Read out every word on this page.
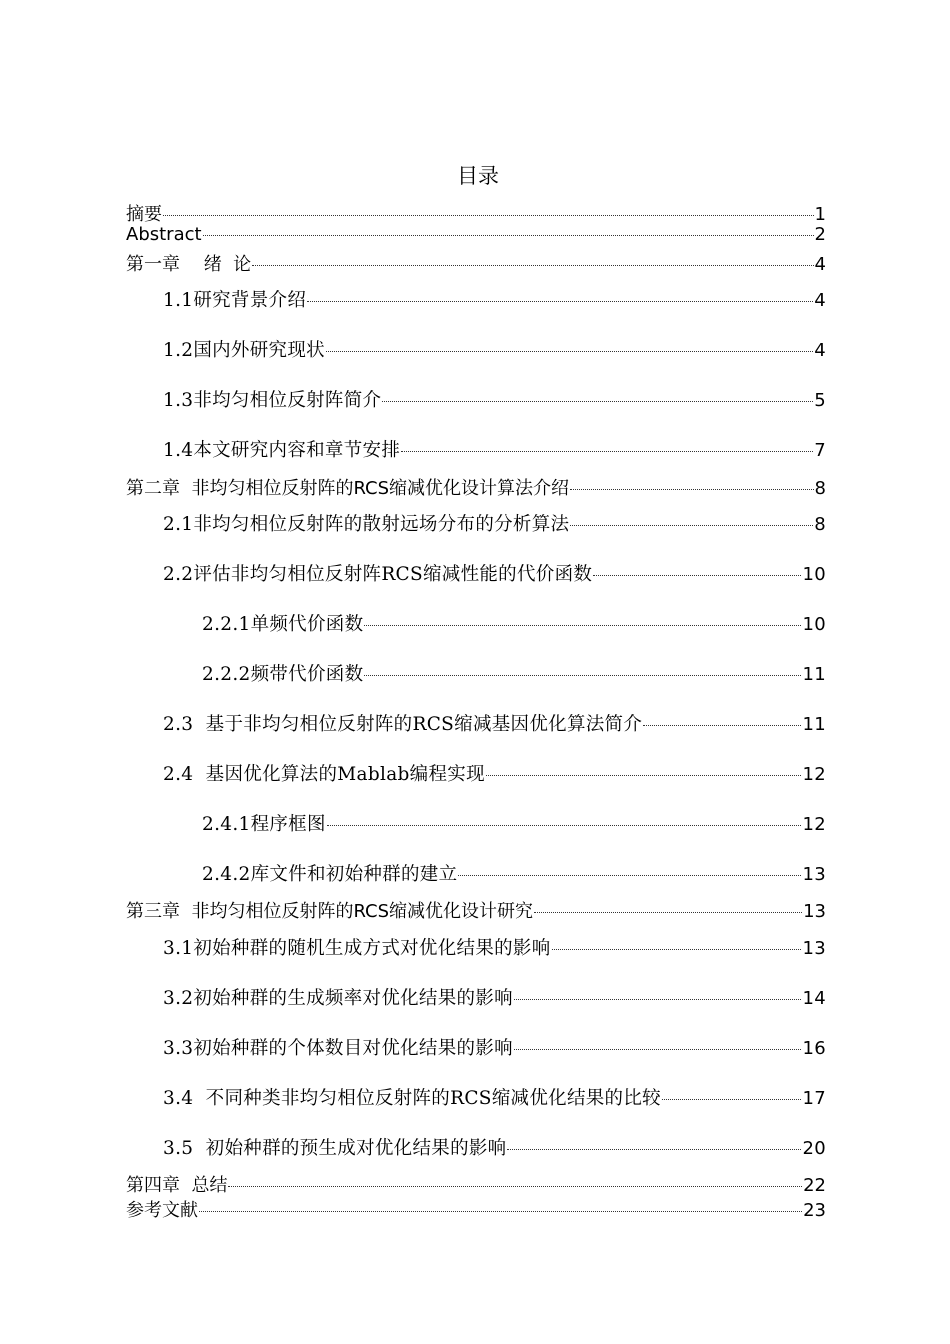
目录
摘要	1
Abstract	2
第一章　 绪  论	4
1.1研究背景介绍	4
1.2国内外研究现状	4
1.3非均匀相位反射阵简介	5
1.4本文研究内容和章节安排	7
第二章  非均匀相位反射阵的RCS缩减优化设计算法介绍	8
2.1非均匀相位反射阵的散射远场分布的分析算法	8
2.2评估非均匀相位反射阵RCS缩减性能的代价函数	10
2.2.1单频代价函数	10
2.2.2频带代价函数	11
2.3  基于非均匀相位反射阵的RCS缩减基因优化算法简介	11
2.4  基因优化算法的Mablab编程实现	12
2.4.1程序框图	12
2.4.2库文件和初始种群的建立	13
第三章  非均匀相位反射阵的RCS缩减优化设计研究	13
3.1初始种群的随机生成方式对优化结果的影响	13
3.2初始种群的生成频率对优化结果的影响	14
3.3初始种群的个体数目对优化结果的影响	16
3.4  不同种类非均匀相位反射阵的RCS缩减优化结果的比较	17
3.5  初始种群的预生成对优化结果的影响	20
第四章  总结	22
参考文献	23
